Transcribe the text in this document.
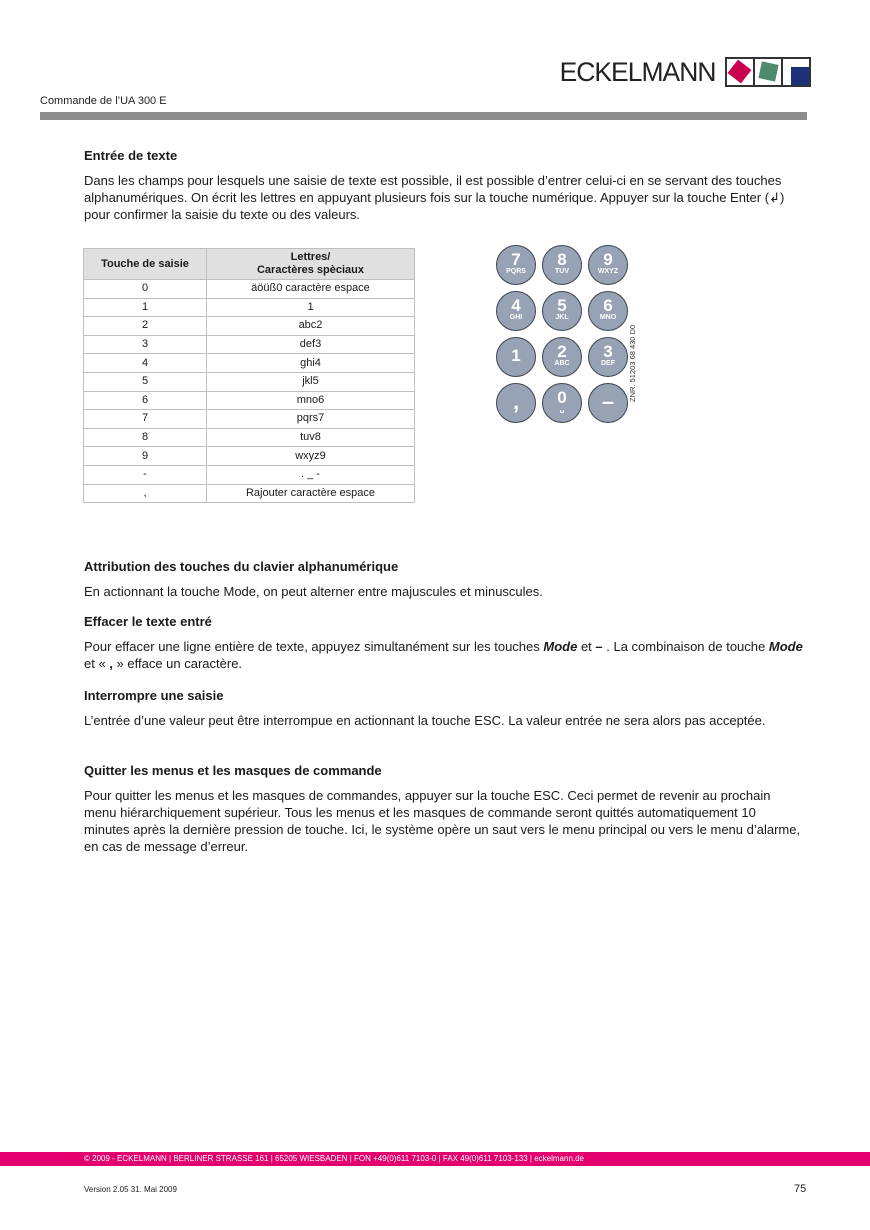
ECKELMANN
Commande de l’UA 300 E
Entrée de texte

Dans les champs pour lesquels une saisie de texte est possible, il est possible d’entrer celui-ci en se servant des touches alphanumériques. On écrit les lettres en appuyant plusieurs fois sur la touche numérique. Appuyer sur la touche Enter (↲) pour confirmer la saisie du texte ou des valeurs.

Touche de saisie	Lettres/
Caractères spèciaux
0	äöüß0 caractère espace
1	1
2	abc2
3	def3
4	ghi4
5	jkl5
6	mno6
7	pqrs7
8	tuv8
9	wxyz9
-	. _ -
,	Rajouter caractère espace
7
PQRS
8
TUV
9
WXYZ
4
GHI
5
JKL
6
MNO
1	2
ABC
3
DEF
,	0
␣	–	ZNR. 51203 68 430 D0
Attribution des touches du clavier alphanumérique

En actionnant la touche Mode, on peut alterner entre majuscules et minuscules.

Effacer le texte entré

Pour effacer une ligne entière de texte, appuyez simultanément sur les touches Mode et – . La combinaison de touche Mode et « , » efface un caractère.

Interrompre une saisie

L’entrée d’une valeur peut être interrompue en actionnant la touche ESC. La valeur entrée ne sera alors pas acceptée.

Quitter les menus et les masques de commande

Pour quitter les menus et les masques de commandes, appuyer sur la touche ESC. Ceci permet de revenir au prochain menu hiérarchiquement supérieur. Tous les menus et les masques de commande seront quittés automatiquement 10 minutes après la dernière pression de touche. Ici, le système opère un saut vers le menu principal ou vers le menu d’alarme, en cas de message d’erreur.

© 2009 - ECKELMANN | BERLINER STRASSE 161 | 65205 WIESBADEN | FON +49(0)611 7103-0 | FAX 49(0)611 7103-133 | eckelmann.de
Version 2.05 31. Mai 2009	75
